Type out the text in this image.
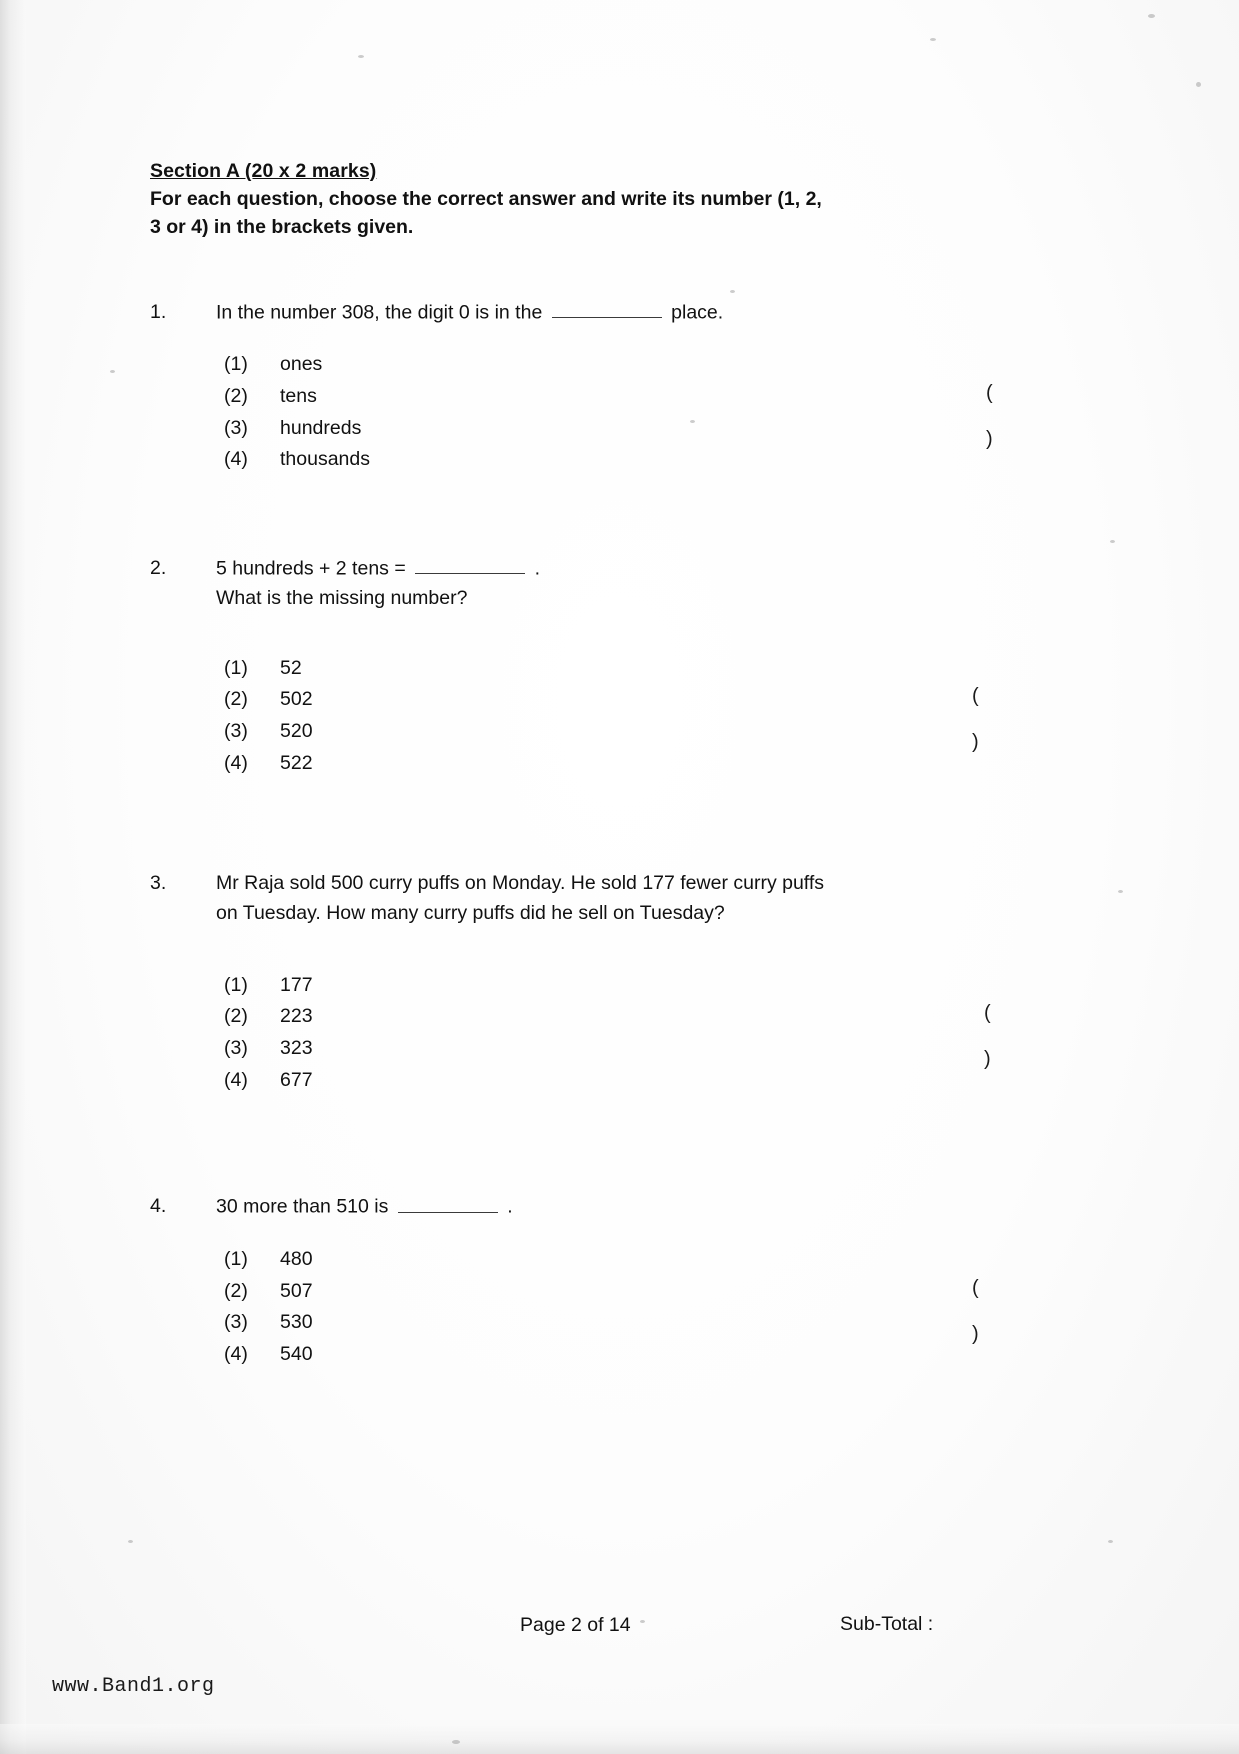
Section A (20 x 2 marks)
For each question, choose the correct answer and write its number (1, 2,
3 or 4) in the brackets given.
1.	In the number 308, the digit 0 is in the	place.
(1)	ones
(2)	tens
(3)	hundreds
(4)	thousands

(

)

2.	5 hundreds + 2 tens =	.
What is the missing number?
(1)	52
(2)	502
(3)	520
(4)	522

(

)

3.	Mr Raja sold 500 curry puffs on Monday. He sold 177 fewer curry puffs
on Tuesday. How many curry puffs did he sell on Tuesday?
(1)	177
(2)	223
(3)	323
(4)	677

(

)

4.	30 more than 510 is	.
(1)	480
(2)	507
(3)	530
(4)	540

(

)

Page 2 of 14	Sub-Total :
www.Band1.org
